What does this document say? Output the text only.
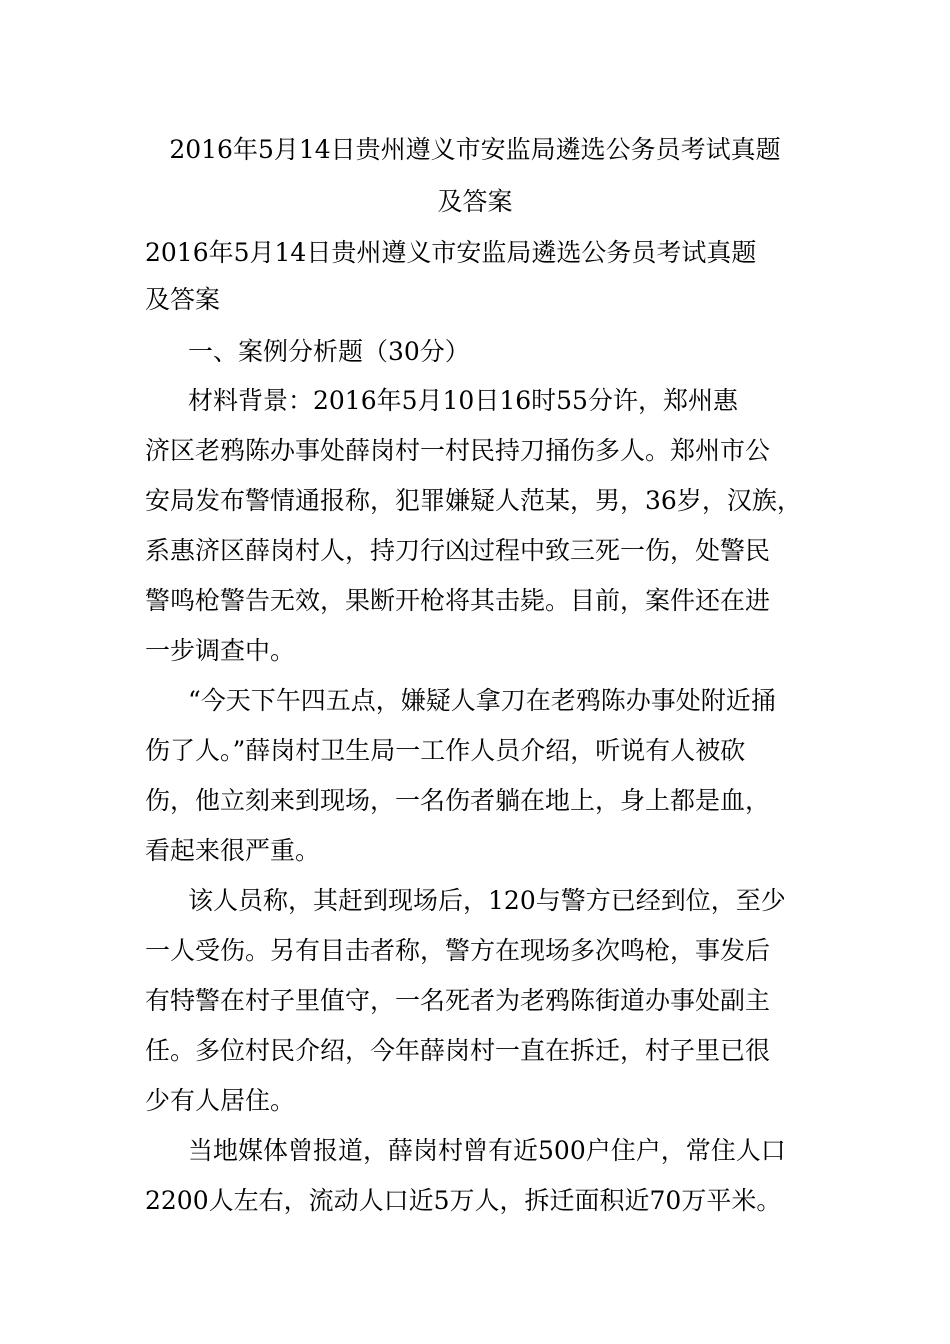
2016年5月14日贵州遵义市安监局遴选公务员考试真题
及答案
2016年5月14日贵州遵义市安监局遴选公务员考试真题
及答案
一、案例分析题（30分）
材料背景：2016年5月10日16时55分许，郑州惠
济区老鸦陈办事处薛岗村一村民持刀捅伤多人。郑州市公
安局发布警情通报称，犯罪嫌疑人范某，男，36岁，汉族，
系惠济区薛岗村人，持刀行凶过程中致三死一伤，处警民
警鸣枪警告无效，果断开枪将其击毙。目前，案件还在进
一步调查中。
“今天下午四五点，嫌疑人拿刀在老鸦陈办事处附近捅
伤了人。”薛岗村卫生局一工作人员介绍，听说有人被砍
伤，他立刻来到现场，一名伤者躺在地上，身上都是血，
看起来很严重。
该人员称，其赶到现场后，120与警方已经到位，至少
一人受伤。另有目击者称，警方在现场多次鸣枪，事发后
有特警在村子里值守，一名死者为老鸦陈街道办事处副主
任。多位村民介绍，今年薛岗村一直在拆迁，村子里已很
少有人居住。
当地媒体曾报道，薛岗村曾有近500户住户，常住人口
2200人左右，流动人口近5万人，拆迁面积近70万平米。
